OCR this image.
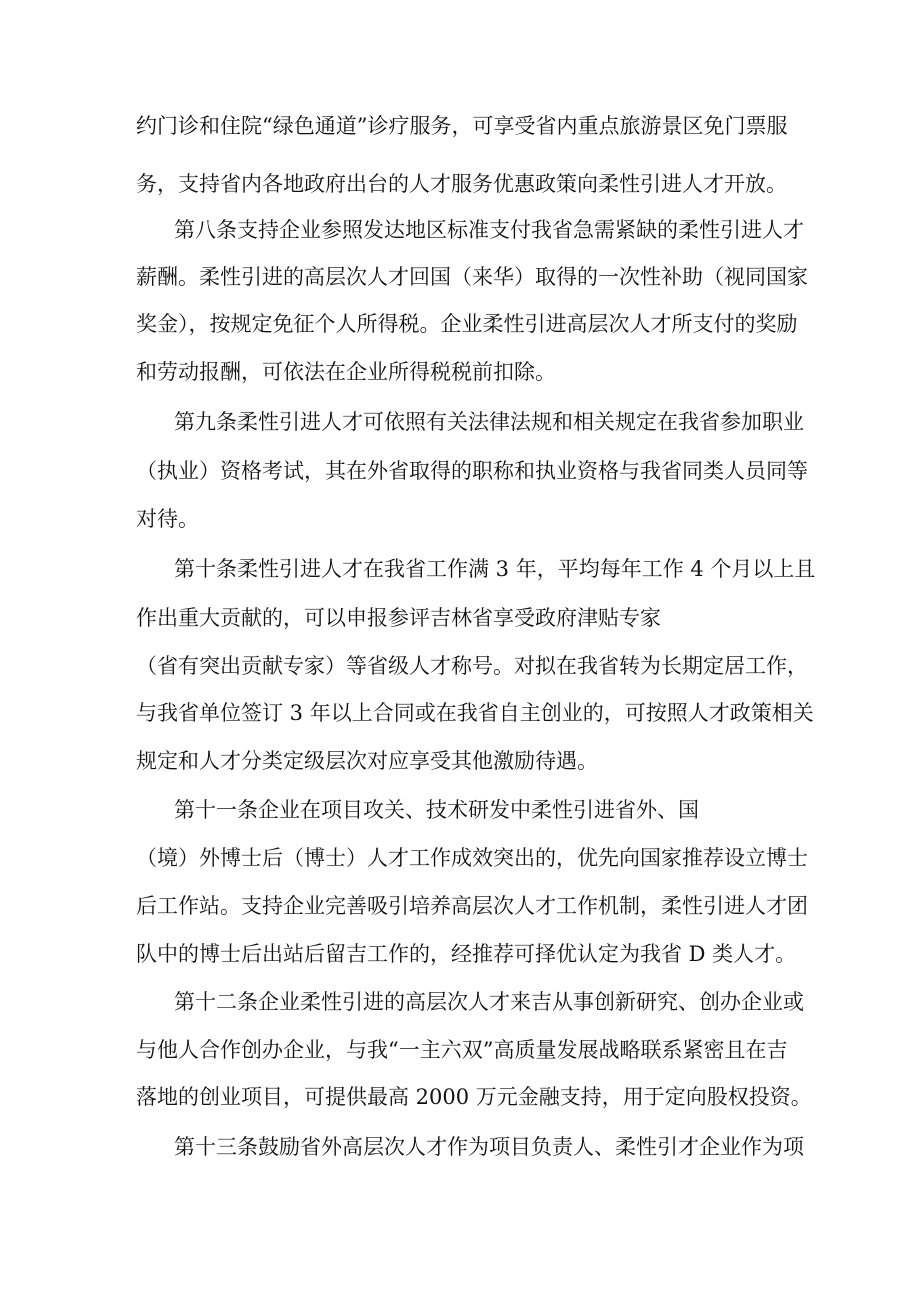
约门诊和住院“绿色通道”诊疗服务，可享受省内重点旅游景区免门票服
务，支持省内各地政府出台的人才服务优惠政策向柔性引进人才开放。
第八条支持企业参照发达地区标准支付我省急需紧缺的柔性引进人才
薪酬。柔性引进的高层次人才回国（来华）取得的一次性补助（视同国家
奖金），按规定免征个人所得税。企业柔性引进高层次人才所支付的奖励
和劳动报酬，可依法在企业所得税税前扣除。
第九条柔性引进人才可依照有关法律法规和相关规定在我省参加职业
（执业）资格考试，其在外省取得的职称和执业资格与我省同类人员同等
对待。
第十条柔性引进人才在我省工作满 3 年，平均每年工作 4 个月以上且
作出重大贡献的，可以申报参评吉林省享受政府津贴专家
（省有突出贡献专家）等省级人才称号。对拟在我省转为长期定居工作，
与我省单位签订 3 年以上合同或在我省自主创业的，可按照人才政策相关
规定和人才分类定级层次对应享受其他激励待遇。
第十一条企业在项目攻关、技术研发中柔性引进省外、国
（境）外博士后（博士）人才工作成效突出的，优先向国家推荐设立博士
后工作站。支持企业完善吸引培养高层次人才工作机制，柔性引进人才团
队中的博士后出站后留吉工作的，经推荐可择优认定为我省 D 类人才。
第十二条企业柔性引进的高层次人才来吉从事创新研究、创办企业或
与他人合作创办企业，与我“一主六双”高质量发展战略联系紧密且在吉
落地的创业项目，可提供最高 2000 万元金融支持，用于定向股权投资。
第十三条鼓励省外高层次人才作为项目负责人、柔性引才企业作为项
